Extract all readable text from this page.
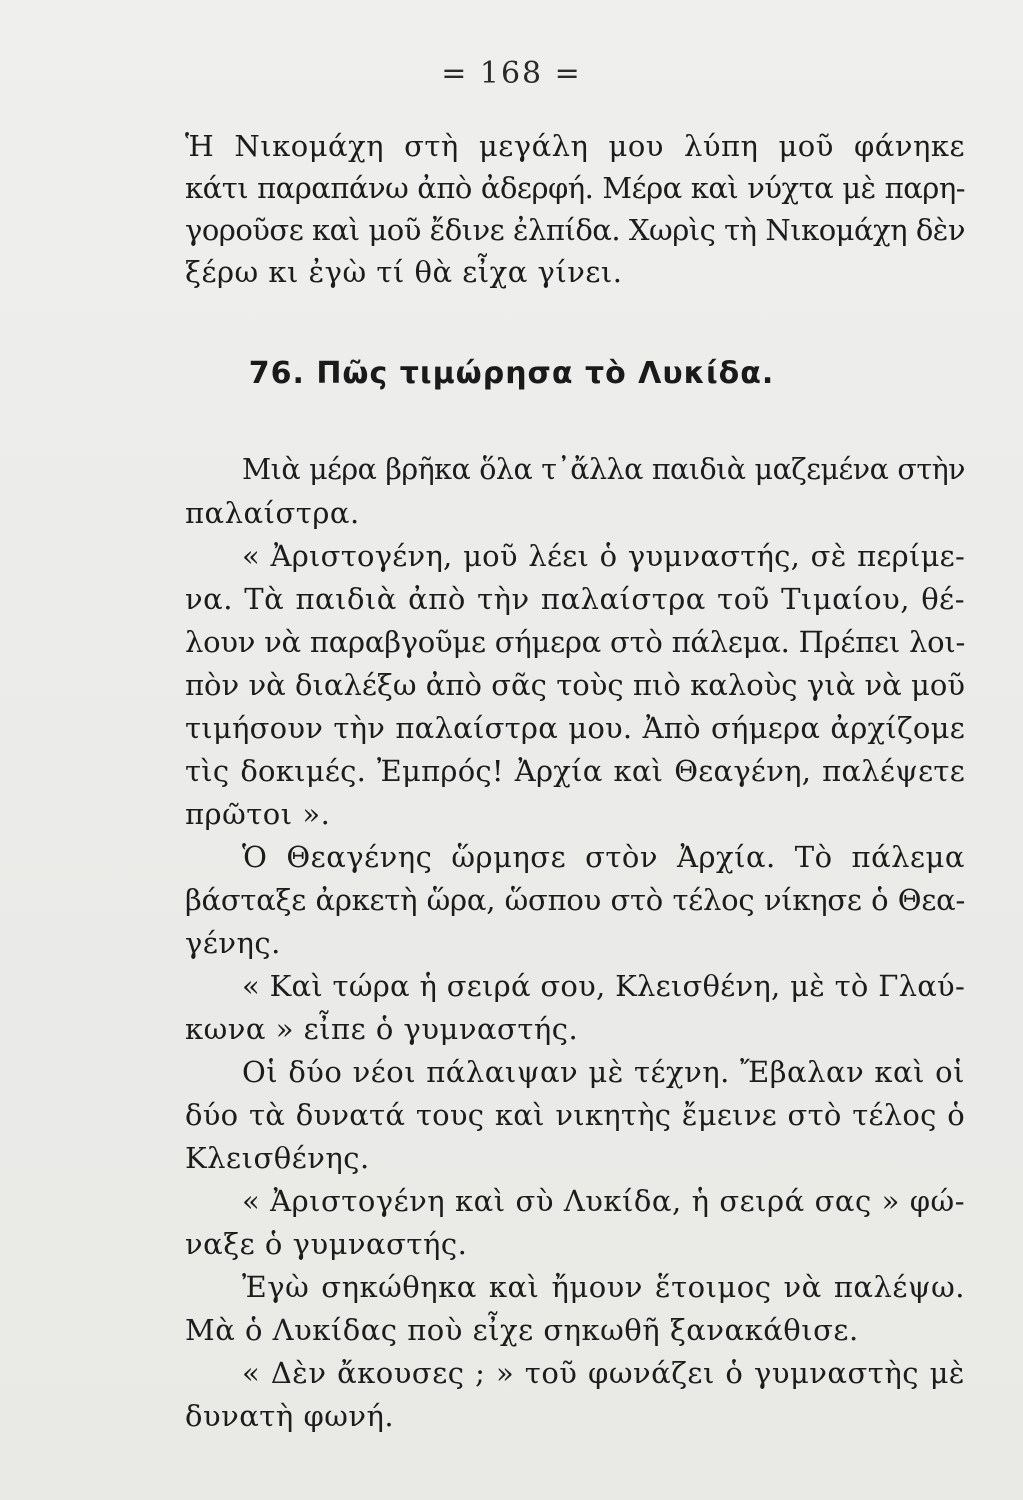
= 168 =
Ἡ Νικομάχη στὴ μεγάλη μου λύπη μοῦ φάνηκε
κάτι παραπάνω ἀπὸ ἀδερφή. Μέρα καὶ νύχτα μὲ παρη-
γοροῦσε καὶ μοῦ ἔδινε ἐλπίδα. Χωρὶς τὴ Νικομάχη δὲν
ξέρω κι ἐγὼ τί θὰ εἶχα γίνει.
76. Πῶς τιμώρησα τὸ Λυκίδα.
Μιὰ μέρα βρῆκα ὅλα τ᾽ἄλλα παιδιὰ μαζεμένα στὴν
παλαίστρα.
« Ἀριστογένη, μοῦ λέει ὁ γυμναστής, σὲ περίμε-
να. Τὰ παιδιὰ ἀπὸ τὴν παλαίστρα τοῦ Τιμαίου, θέ-
λουν νὰ παραβγοῦμε σήμερα στὸ πάλεμα. Πρέπει λοι-
πὸν νὰ διαλέξω ἀπὸ σᾶς τοὺς πιὸ καλοὺς γιὰ νὰ μοῦ
τιμήσουν τὴν παλαίστρα μου. Ἀπὸ σήμερα ἀρχίζομε
τὶς δοκιμές. Ἐμπρός! Ἀρχία καὶ Θεαγένη, παλέψετε
πρῶτοι ».
Ὁ Θεαγένης ὥρμησε στὸν Ἀρχία. Τὸ πάλεμα
βάσταξε ἀρκετὴ ὥρα, ὥσπου στὸ τέλος νίκησε ὁ Θεα-
γένης.
« Καὶ τώρα ἡ σειρά σου, Κλεισθένη, μὲ τὸ Γλαύ-
κωνα » εἶπε ὁ γυμναστής.
Οἱ δύο νέοι πάλαιψαν μὲ τέχνη. Ἔβαλαν καὶ οἱ
δύο τὰ δυνατά τους καὶ νικητὴς ἔμεινε στὸ τέλος ὁ
Κλεισθένης.
« Ἀριστογένη καὶ σὺ Λυκίδα, ἡ σειρά σας » φώ-
ναξε ὁ γυμναστής.
Ἐγὼ σηκώθηκα καὶ ἤμουν ἕτοιμος νὰ παλέψω.
Μὰ ὁ Λυκίδας ποὺ εἶχε σηκωθῆ ξανακάθισε.
« Δὲν ἄκουσες ; » τοῦ φωνάζει ὁ γυμναστὴς μὲ
δυνατὴ φωνή.
